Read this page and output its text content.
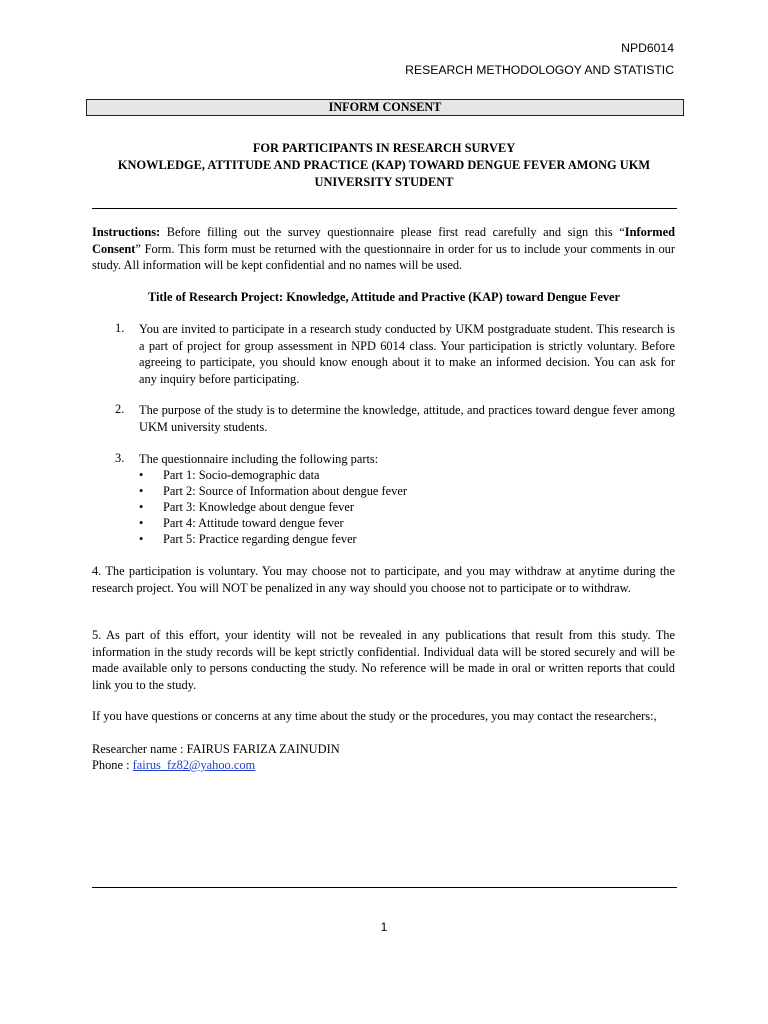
NPD6014
RESEARCH METHODOLOGOY AND STATISTIC
INFORM CONSENT
FOR PARTICIPANTS IN RESEARCH SURVEY
KNOWLEDGE, ATTITUDE AND PRACTICE (KAP) TOWARD DENGUE FEVER AMONG UKM
UNIVERSITY STUDENT
Instructions: Before filling out the survey questionnaire please first read carefully and sign this “Informed Consent” Form. This form must be returned with the questionnaire in order for us to include your comments in our study. All information will be kept confidential and no names will be used.
Title of Research Project: Knowledge, Attitude and Practive (KAP) toward Dengue Fever
1. You are invited to participate in a research study conducted by UKM postgraduate student. This research is a part of project for group assessment in NPD 6014 class. Your participation is strictly voluntary. Before agreeing to participate, you should know enough about it to make an informed decision. You can ask for any inquiry before participating.
2. The purpose of the study is to determine the knowledge, attitude, and practices toward dengue fever among UKM university students.
3. The questionnaire including the following parts:
• Part 1: Socio-demographic data
• Part 2: Source of Information about dengue fever
• Part 3: Knowledge about dengue fever
• Part 4: Attitude toward dengue fever
• Part 5: Practice regarding dengue fever
4. The participation is voluntary. You may choose not to participate, and you may withdraw at anytime during the research project. You will NOT be penalized in any way should you choose not to participate or to withdraw.
5. As part of this effort, your identity will not be revealed in any publications that result from this study. The information in the study records will be kept strictly confidential. Individual data will be stored securely and will be made available only to persons conducting the study. No reference will be made in oral or written reports that could link you to the study.
If you have questions or concerns at any time about the study or the procedures, you may contact the researchers:,
Researcher name : FAIRUS FARIZA ZAINUDIN
Phone : fairus_fz82@yahoo.com
1
